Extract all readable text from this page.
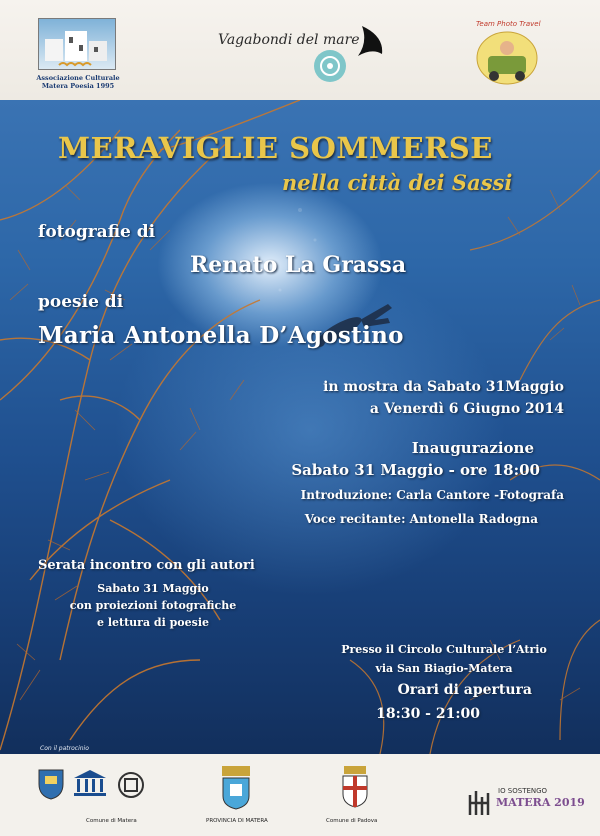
Associazione Culturale Matera Poesia 1995
Vagabondi del mare
Team Photo Travel
MERAVIGLIE SOMMERSE
nella città dei Sassi
fotografie di
Renato La Grassa
poesie di
Maria Antonella D’Agostino
in mostra da Sabato 31Maggio
a Venerdì 6 Giugno 2014
Inaugurazione
Sabato 31 Maggio - ore 18:00
Introduzione: Carla Cantore -Fotografa
Voce recitante: Antonella Radogna
Serata incontro con gli autori
Sabato 31 Maggio
con proiezioni fotografiche
e lettura di poesie
Presso il Circolo Culturale l’Atrio
via San Biagio-Matera
Orari di apertura
18:30 - 21:00
Con il patrocinio
Comune di Matera	PROVINCIA DI MATERA	Comune di Padova
IO SOSTENGO
MATERA 2019
